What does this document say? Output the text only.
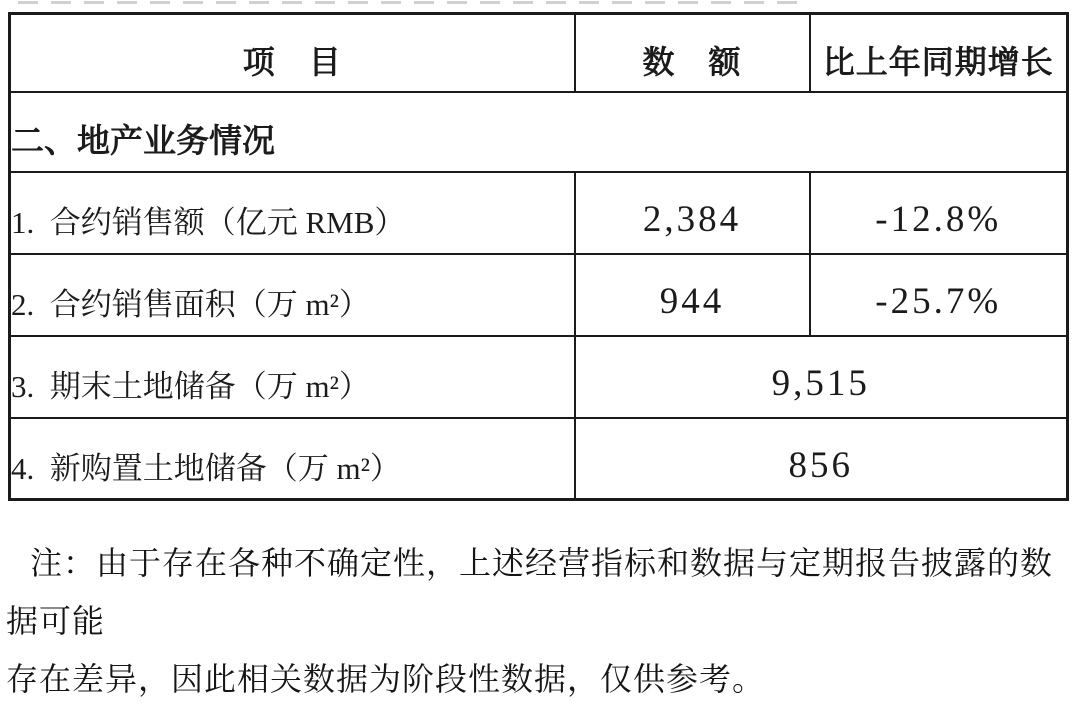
项　目	数　额	比上年同期增长
二、地产业务情况		
1.  合约销售额（亿元 RMB）	2,384	-12.8%
2.  合约销售面积（万 m²）	944	-25.7%
3.  期末土地储备（万 m²）	9,515	
4.  新购置土地储备（万 m²）	856	
注：由于存在各种不确定性，上述经营指标和数据与定期报告披露的数据可能
存在差异，因此相关数据为阶段性数据，仅供参考。
